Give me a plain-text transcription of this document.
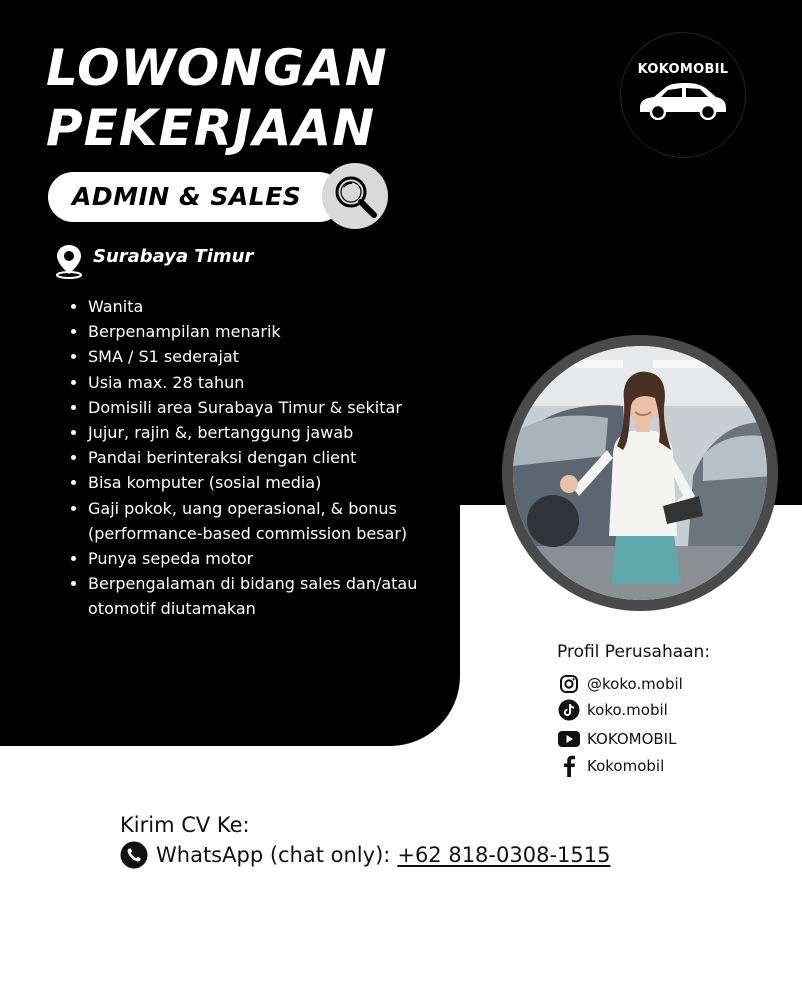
LOWONGAN
PEKERJAAN
ADMIN & SALES
Surabaya Timur
• Wanita
• Berpenampilan menarik
• SMA / S1 sederajat
• Usia max. 28 tahun
• Domisili area Surabaya Timur & sekitar
• Jujur, rajin &, bertanggung jawab
• Pandai berinteraksi dengan client
• Bisa komputer (sosial media)
• Gaji pokok, uang operasional, & bonus (performance-based commission besar)
• Punya sepeda motor
• Berpengalaman di bidang sales dan/atau otomotif diutamakan
KOKOMOBIL
Profil Perusahaan:
@koko.mobil
koko.mobil
KOKOMOBIL
Kokomobil
Kirim CV Ke:
WhatsApp (chat only): +62 818-0308-1515
